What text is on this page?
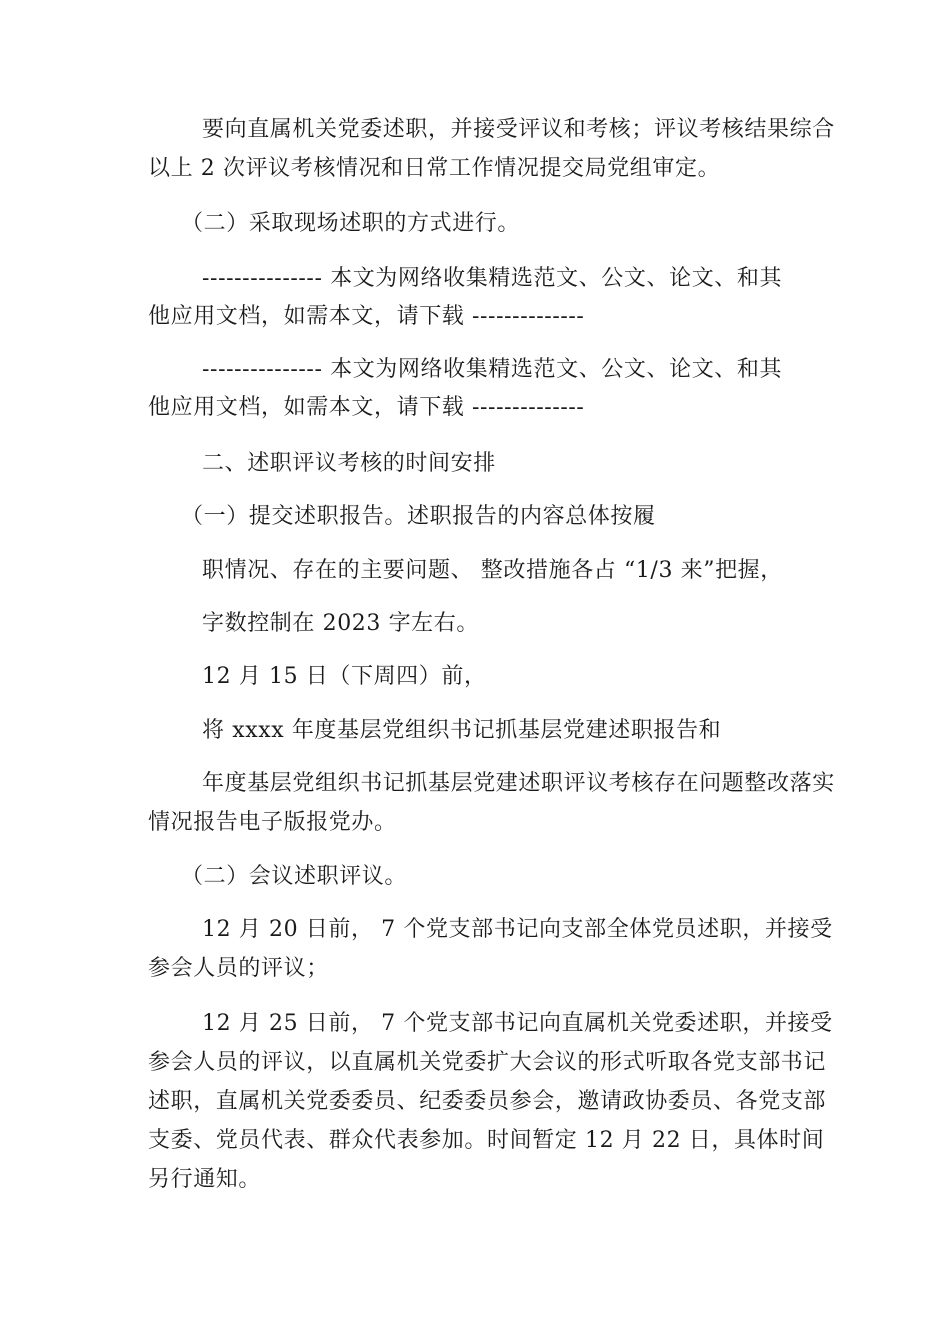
要向直属机关党委述职，并接受评议和考核；评议考核结果综合
以上 2 次评议考核情况和日常工作情况提交局党组审定。
（二）采取现场述职的方式进行。
--------------- 本文为网络收集精选范文、公文、论文、和其
他应用文档，如需本文，请下载 --------------
--------------- 本文为网络收集精选范文、公文、论文、和其
他应用文档，如需本文，请下载 --------------
二、述职评议考核的时间安排
（一）提交述职报告。述职报告的内容总体按履
职情况、存在的主要问题、 整改措施各占 “1/3 来”把握，
字数控制在 2023 字左右。
12 月 15 日（下周四）前，
将 xxxx 年度基层党组织书记抓基层党建述职报告和
年度基层党组织书记抓基层党建述职评议考核存在问题整改落实
情况报告电子版报党办。
（二）会议述职评议。
12 月 20 日前， 7 个党支部书记向支部全体党员述职，并接受
参会人员的评议；
12 月 25 日前， 7 个党支部书记向直属机关党委述职，并接受
参会人员的评议，以直属机关党委扩大会议的形式听取各党支部书记
述职，直属机关党委委员、纪委委员参会，邀请政协委员、各党支部
支委、党员代表、群众代表参加。时间暂定 12 月 22 日，具体时间
另行通知。
